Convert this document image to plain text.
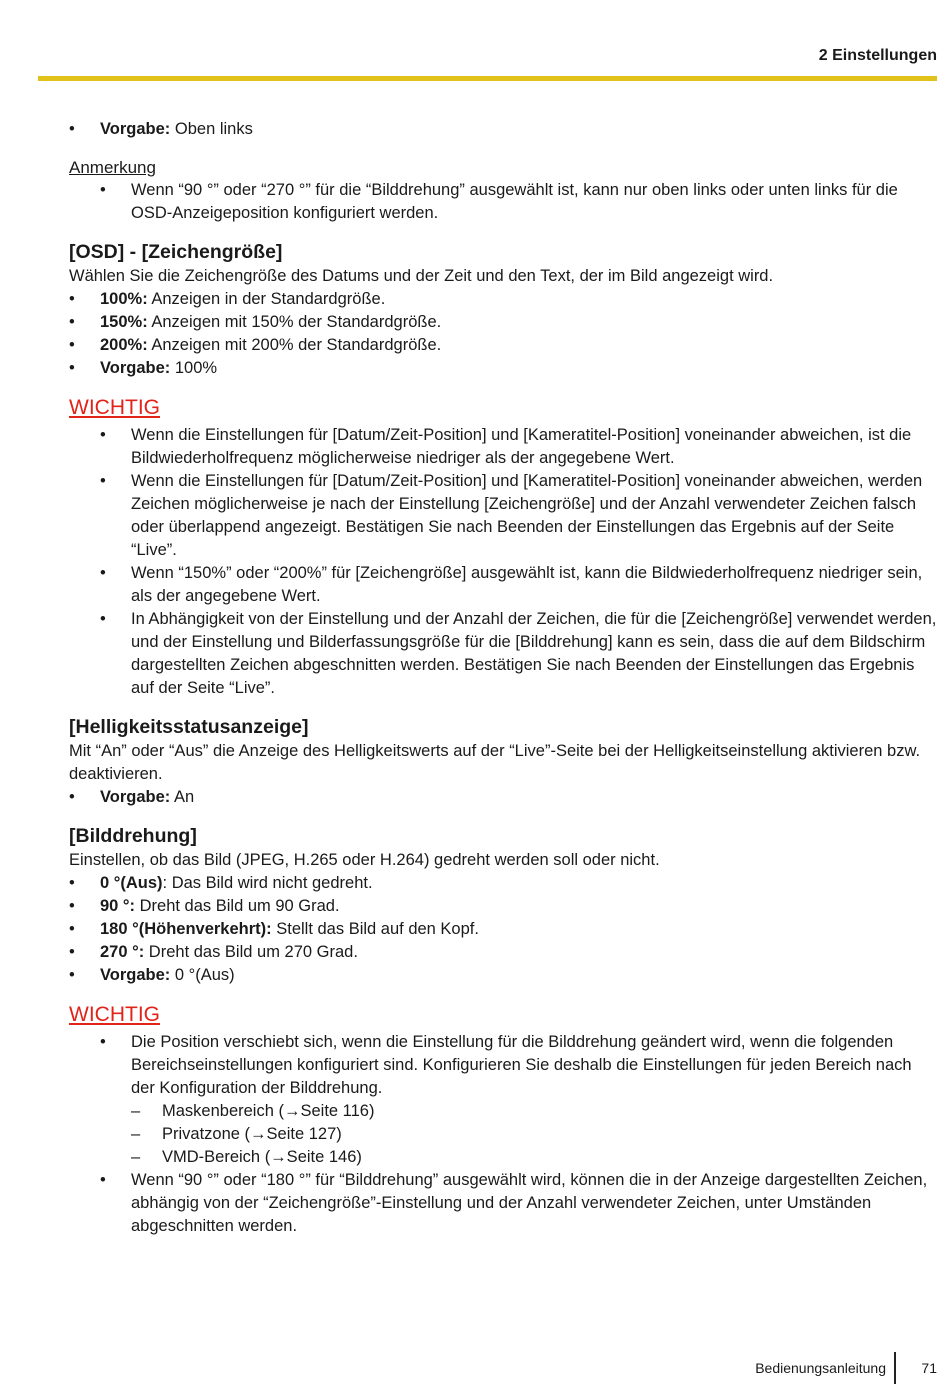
2 Einstellungen
• Vorgabe: Oben links
Anmerkung
• Wenn “90 °” oder “270 °” für die “Bilddrehung” ausgewählt ist, kann nur oben links oder unten links für die OSD-Anzeigeposition konfiguriert werden.
[OSD] - [Zeichengröße]

Wählen Sie die Zeichengröße des Datums und der Zeit und den Text, der im Bild angezeigt wird.

• 100%: Anzeigen in der Standardgröße.
• 150%: Anzeigen mit 150% der Standardgröße.
• 200%: Anzeigen mit 200% der Standardgröße.
• Vorgabe: 100%
WICHTIG
• Wenn die Einstellungen für [Datum/Zeit-Position] und [Kameratitel-Position] voneinander abweichen, ist die Bildwiederholfrequenz möglicherweise niedriger als der angegebene Wert.
• Wenn die Einstellungen für [Datum/Zeit-Position] und [Kameratitel-Position] voneinander abweichen, werden Zeichen möglicherweise je nach der Einstellung [Zeichengröße] und der Anzahl verwendeter Zeichen falsch oder überlappend angezeigt. Bestätigen Sie nach Beenden der Einstellungen das Ergebnis auf der Seite “Live”.
• Wenn “150%” oder “200%” für [Zeichengröße] ausgewählt ist, kann die Bildwiederholfrequenz niedriger sein, als der angegebene Wert.
• In Abhängigkeit von der Einstellung und der Anzahl der Zeichen, die für die [Zeichengröße] verwendet werden, und der Einstellung und Bilderfassungsgröße für die [Bilddrehung] kann es sein, dass die auf dem Bildschirm dargestellten Zeichen abgeschnitten werden. Bestätigen Sie nach Beenden der Einstellungen das Ergebnis auf der Seite “Live”.
[Helligkeitsstatusanzeige]

Mit “An” oder “Aus” die Anzeige des Helligkeitswerts auf der “Live”-Seite bei der Helligkeitseinstellung aktivieren bzw. deaktivieren.

• Vorgabe: An
[Bilddrehung]

Einstellen, ob das Bild (JPEG, H.265 oder H.264) gedreht werden soll oder nicht.

• 0 °(Aus): Das Bild wird nicht gedreht.
• 90 °: Dreht das Bild um 90 Grad.
• 180 °(Höhenverkehrt): Stellt das Bild auf den Kopf.
• 270 °: Dreht das Bild um 270 Grad.
• Vorgabe: 0 °(Aus)
WICHTIG
• Die Position verschiebt sich, wenn die Einstellung für die Bilddrehung geändert wird, wenn die folgenden Bereichseinstellungen konfiguriert sind. Konfigurieren Sie deshalb die Einstellungen für jeden Bereich nach der Konfiguration der Bilddrehung.
– Maskenbereich (→Seite 116)
– Privatzone (→Seite 127)
– VMD-Bereich (→Seite 146)
• Wenn “90 °” oder “180 °” für “Bilddrehung” ausgewählt wird, können die in der Anzeige dargestellten Zeichen, abhängig von der “Zeichengröße”-Einstellung und der Anzahl verwendeter Zeichen, unter Umständen abgeschnitten werden.
Bedienungsanleitung	71
